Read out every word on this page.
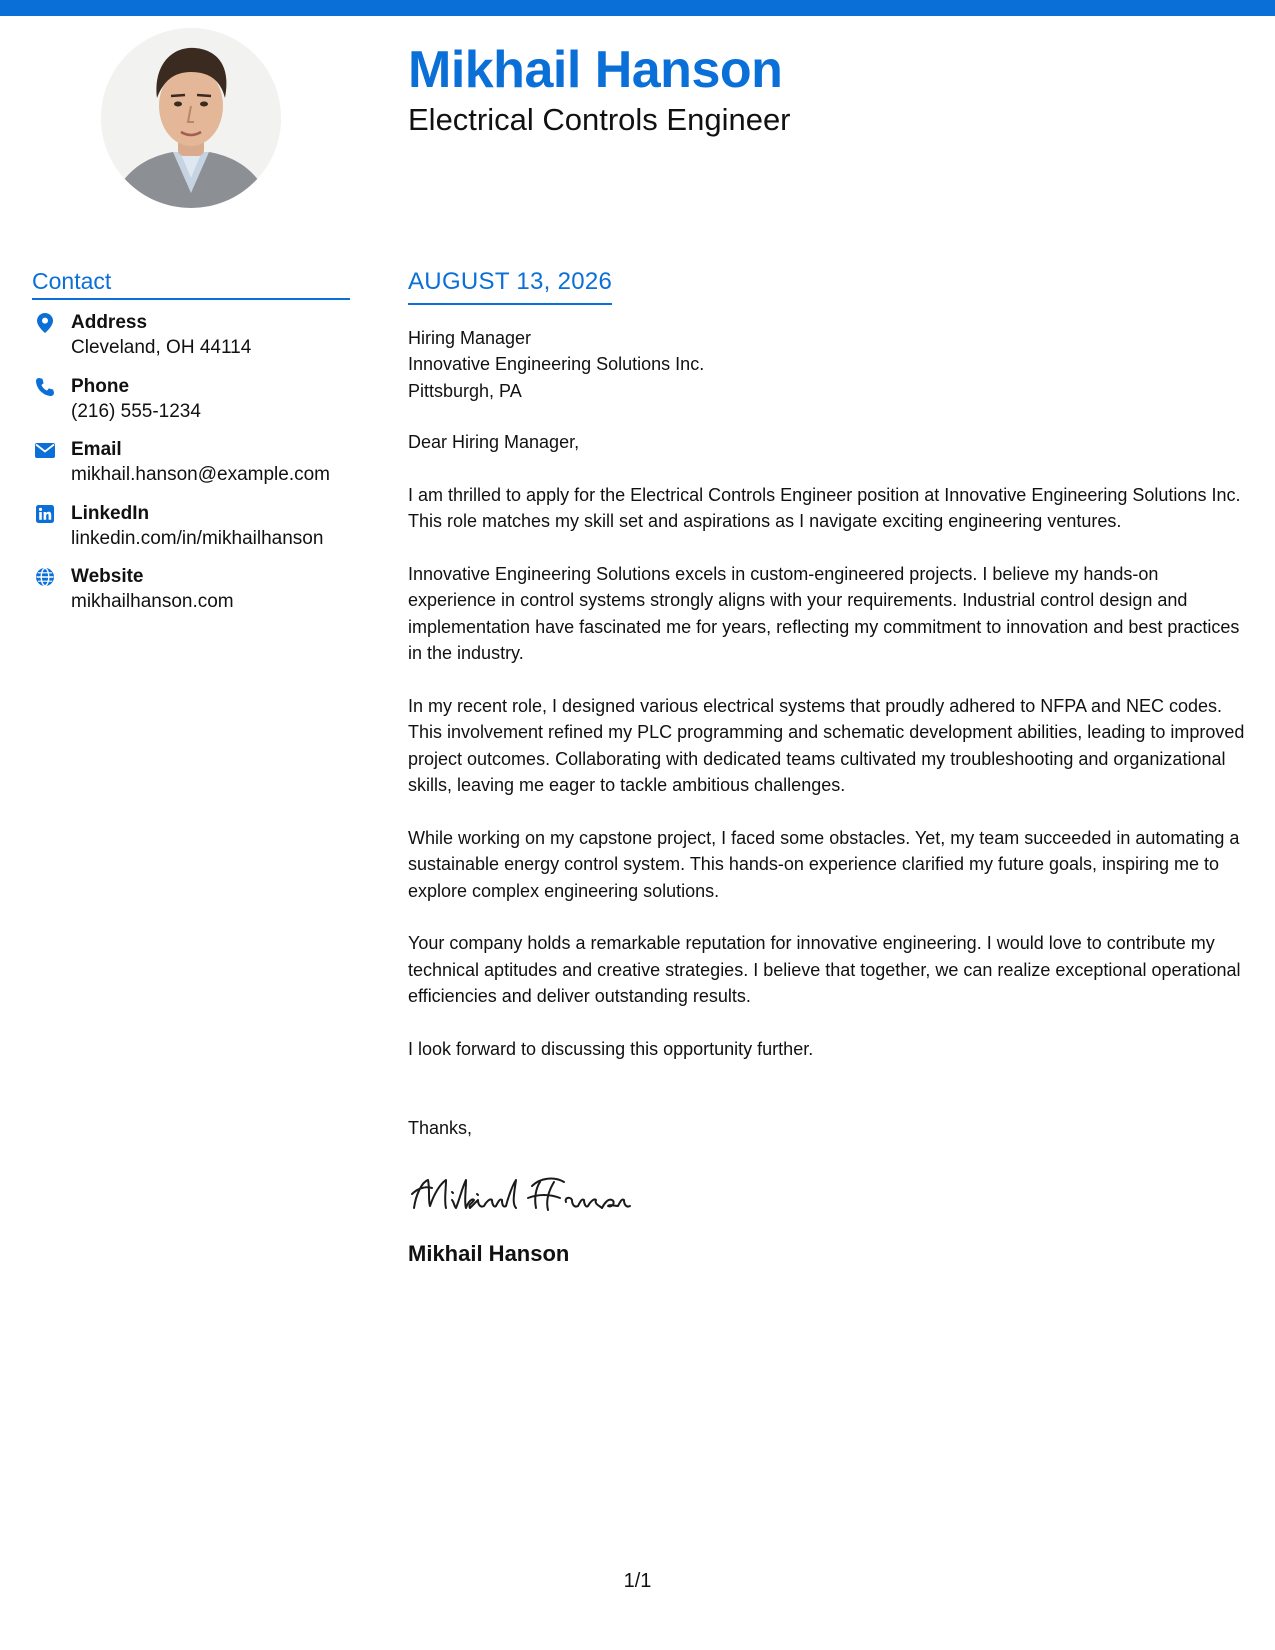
Mikhail Hanson
Electrical Controls Engineer
Contact
Address
Cleveland, OH 44114
Phone
(216) 555-1234
Email
mikhail.hanson@example.com
LinkedIn
linkedin.com/in/mikhailhanson
Website
mikhailhanson.com
AUGUST 13, 2026
Hiring Manager
Innovative Engineering Solutions Inc.
Pittsburgh, PA
Dear Hiring Manager,
I am thrilled to apply for the Electrical Controls Engineer position at Innovative Engineering Solutions Inc. This role matches my skill set and aspirations as I navigate exciting engineering ventures.
Innovative Engineering Solutions excels in custom-engineered projects. I believe my hands-on experience in control systems strongly aligns with your requirements. Industrial control design and implementation have fascinated me for years, reflecting my commitment to innovation and best practices in the industry.
In my recent role, I designed various electrical systems that proudly adhered to NFPA and NEC codes. This involvement refined my PLC programming and schematic development abilities, leading to improved project outcomes. Collaborating with dedicated teams cultivated my troubleshooting and organizational skills, leaving me eager to tackle ambitious challenges.
While working on my capstone project, I faced some obstacles. Yet, my team succeeded in automating a sustainable energy control system. This hands-on experience clarified my future goals, inspiring me to explore complex engineering solutions.
Your company holds a remarkable reputation for innovative engineering. I would love to contribute my technical aptitudes and creative strategies. I believe that together, we can realize exceptional operational efficiencies and deliver outstanding results.
I look forward to discussing this opportunity further.
Thanks,
Mikhail Hanson
1/1
